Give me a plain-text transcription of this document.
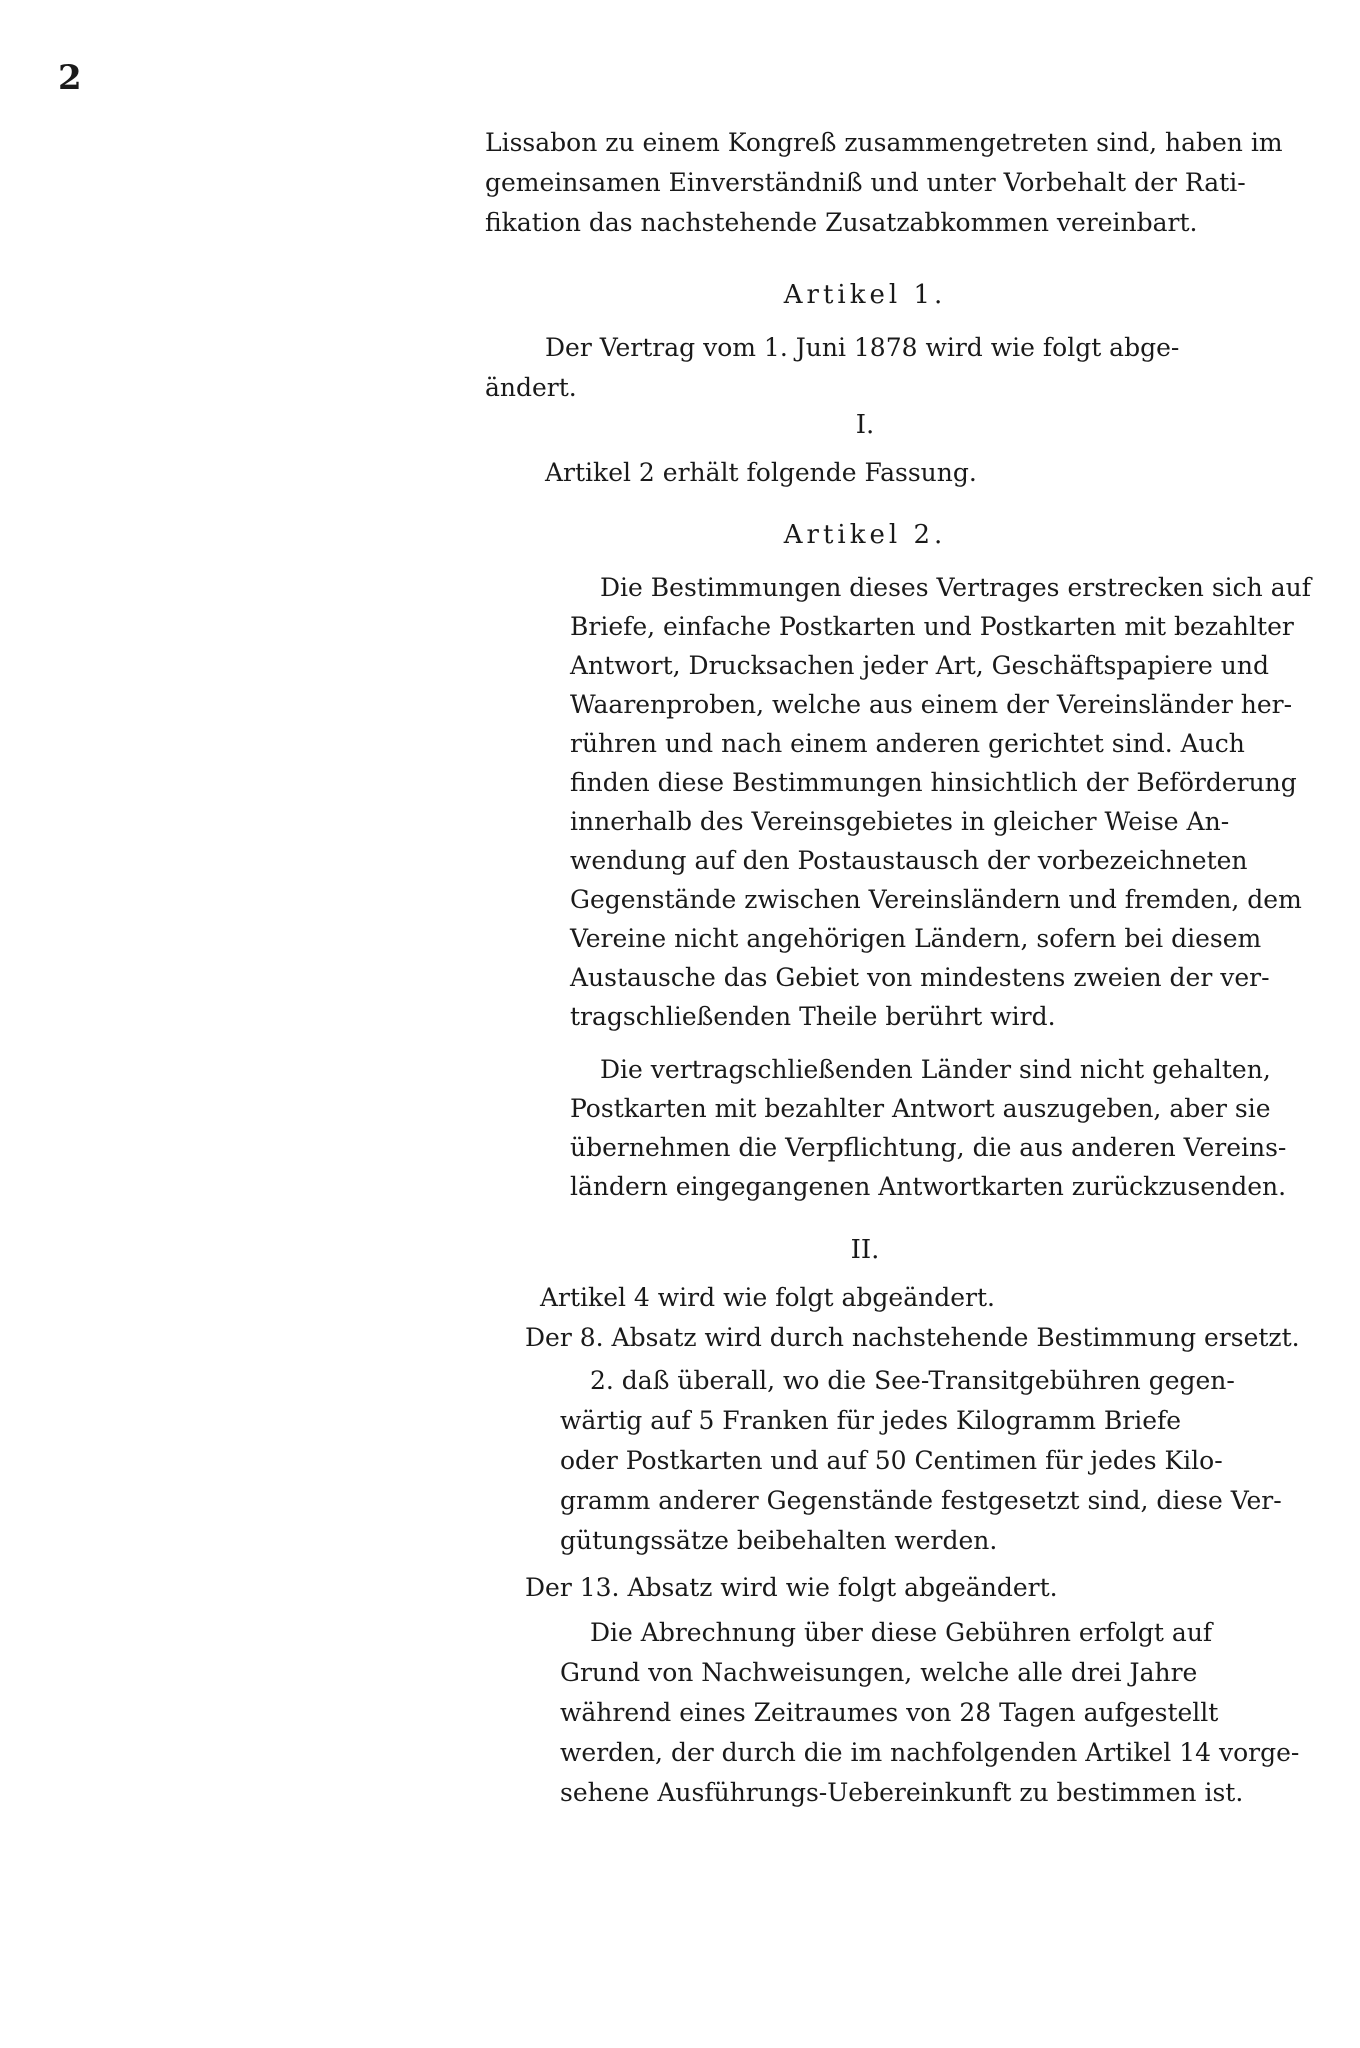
2
Lissabon zu einem Kongreß zusammengetreten sind, haben im
gemeinsamen Einverständniß und unter Vorbehalt der Rati-
fikation das nachstehende Zusatzabkommen vereinbart.
Artikel 1.
Der Vertrag vom 1. Juni 1878 wird wie folgt abge-
ändert.
I.
Artikel 2 erhält folgende Fassung.
Artikel 2.
Die Bestimmungen dieses Vertrages erstrecken sich auf
Briefe, einfache Postkarten und Postkarten mit bezahlter
Antwort, Drucksachen jeder Art, Geschäftspapiere und
Waarenproben, welche aus einem der Vereinsländer her-
rühren und nach einem anderen gerichtet sind. Auch
finden diese Bestimmungen hinsichtlich der Beförderung
innerhalb des Vereinsgebietes in gleicher Weise An-
wendung auf den Postaustausch der vorbezeichneten
Gegenstände zwischen Vereinsländern und fremden, dem
Vereine nicht angehörigen Ländern, sofern bei diesem
Austausche das Gebiet von mindestens zweien der ver-
tragschließenden Theile berührt wird.
Die vertragschließenden Länder sind nicht gehalten,
Postkarten mit bezahlter Antwort auszugeben, aber sie
übernehmen die Verpflichtung, die aus anderen Vereins-
ländern eingegangenen Antwortkarten zurückzusenden.
II.
Artikel 4 wird wie folgt abgeändert.
Der 8. Absatz wird durch nachstehende Bestimmung ersetzt.
2. daß überall, wo die See-Transitgebühren gegen-
wärtig auf 5 Franken für jedes Kilogramm Briefe
oder Postkarten und auf 50 Centimen für jedes Kilo-
gramm anderer Gegenstände festgesetzt sind, diese Ver-
gütungssätze beibehalten werden.
Der 13. Absatz wird wie folgt abgeändert.
Die Abrechnung über diese Gebühren erfolgt auf
Grund von Nachweisungen, welche alle drei Jahre
während eines Zeitraumes von 28 Tagen aufgestellt
werden, der durch die im nachfolgenden Artikel 14 vorge-
sehene Ausführungs-Uebereinkunft zu bestimmen ist.
